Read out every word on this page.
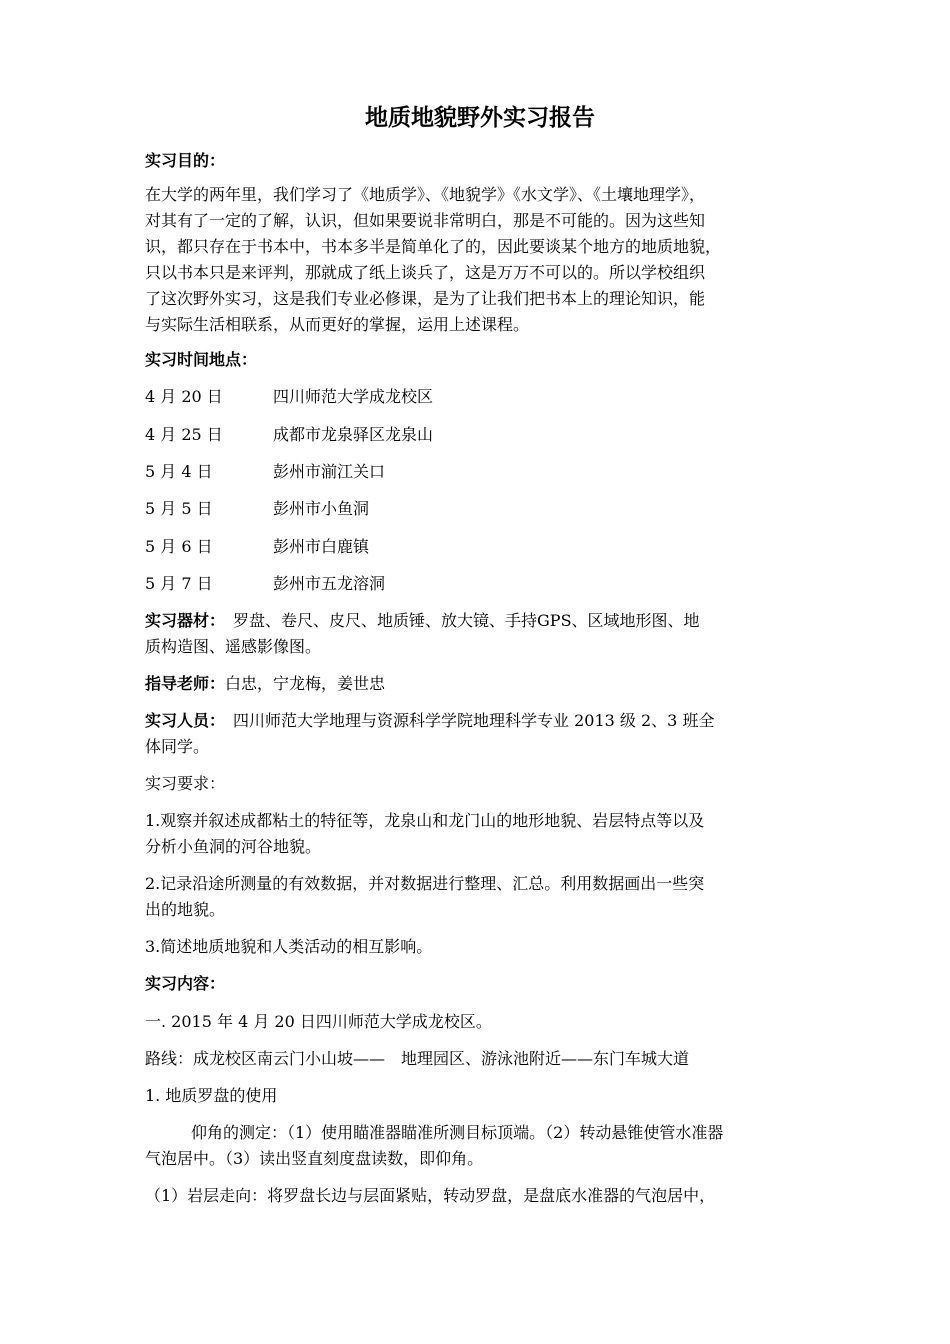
地质地貌野外实习报告
实习目的：
在大学的两年里，我们学习了《地质学》、《地貌学》《水文学》、《土壤地理学》，
对其有了一定的了解，认识，但如果要说非常明白，那是不可能的。因为这些知
识，都只存在于书本中，书本多半是简单化了的，因此要谈某个地方的地质地貌，
只以书本只是来评判，那就成了纸上谈兵了，这是万万不可以的。所以学校组织
了这次野外实习，这是我们专业必修课，是为了让我们把书本上的理论知识，能
与实际生活相联系，从而更好的掌握，运用上述课程。
实习时间地点：
4 月 20 日	四川师范大学成龙校区
4 月 25 日	成都市龙泉驿区龙泉山
5 月 4 日	彭州市湔江关口
5 月 5 日	彭州市小鱼洞
5 月 6 日	彭州市白鹿镇
5 月 7 日	彭州市五龙溶洞
实习器材：　罗盘、卷尺、皮尺、地质锤、放大镜、手持GPS、区域地形图、地
质构造图、遥感影像图。
指导老师：白忠，宁龙梅，姜世忠
实习人员：　四川师范大学地理与资源科学学院地理科学专业 2013 级 2、3 班全
体同学。
实习要求：
1.观察并叙述成都粘土的特征等，龙泉山和龙门山的地形地貌、岩层特点等以及
分析小鱼洞的河谷地貌。
2.记录沿途所测量的有效数据，并对数据进行整理、汇总。利用数据画出一些突
出的地貌。
3.简述地质地貌和人类活动的相互影响。
实习内容：
一. 2015 年 4 月 20 日四川师范大学成龙校区。
路线：成龙校区南云门小山坡——　地理园区、游泳池附近——东门车城大道
1. 地质罗盘的使用
仰角的测定：（1）使用瞄准器瞄准所测目标顶端。（2）转动悬锥使管水准器
气泡居中。（3）读出竖直刻度盘读数，即仰角。
（1）岩层走向：将罗盘长边与层面紧贴，转动罗盘，是盘底水准器的气泡居中，
